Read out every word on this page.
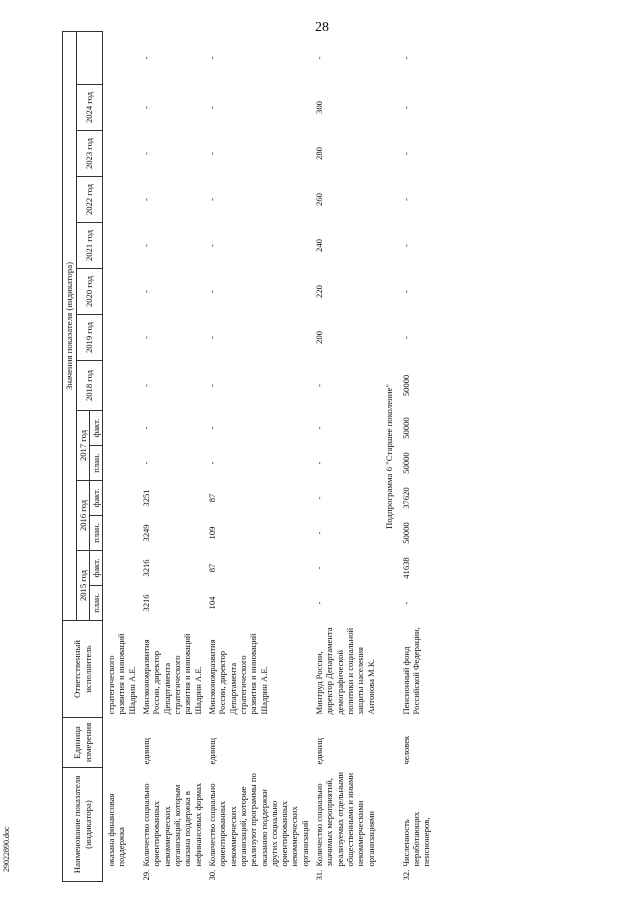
28
29022890.doc	Наименование показателя (индикатора)		Единица измерения	Ответственный исполнитель	Значения показателя (индикатора)													
				2015 год		2016 год		2017 год		2018 год	2019 год	2020 год	2021 год	2022 год	2023 год	2024 год	
				план.	факт.	план.	факт.	план.	факт.								
	оказана финансовая поддержка		стратегического развития и инноваций Шадрин А.Е.														
29.	Количество социально ориентированных некоммерческих организаций, которым оказана поддержка в нефинансовых формах	единиц	Минэкономразвития России, директор Департамента стратегического развития и инноваций Шадрин А.Е.	3216	3216	3249	3251	-	-	-	-	-	-	-	-	-	-
30.	Количество социально ориентированных некоммерческих организаций, которые реализуют программы по оказанию поддержки других социально ориентированных некоммерческих организаций	единиц	Минэкономразвития России, директор Департамента стратегического развития и инноваций Шадрин А.Е.	104	87	109	87	-	-	-	-	-	-	-	-	-	-
31.	Количество социально значимых мероприятий, реализуемых отдельными общественными и иными некоммерческими организациями	единиц	Минтруд России, директор Департамента демографической политики и социальной защиты населения Антонова М.К.	-	-	-	-	-	-	-	200	220	240	260	280	300	-
Подпрограмма 6 "Старшее поколение"																	
32.	Численность неработающих пенсионеров,	человек	Пенсионный фонд Российской Федерации,	-	41638	50000	37620	50000	50000	50000	-	-	-	-	-	-	-
